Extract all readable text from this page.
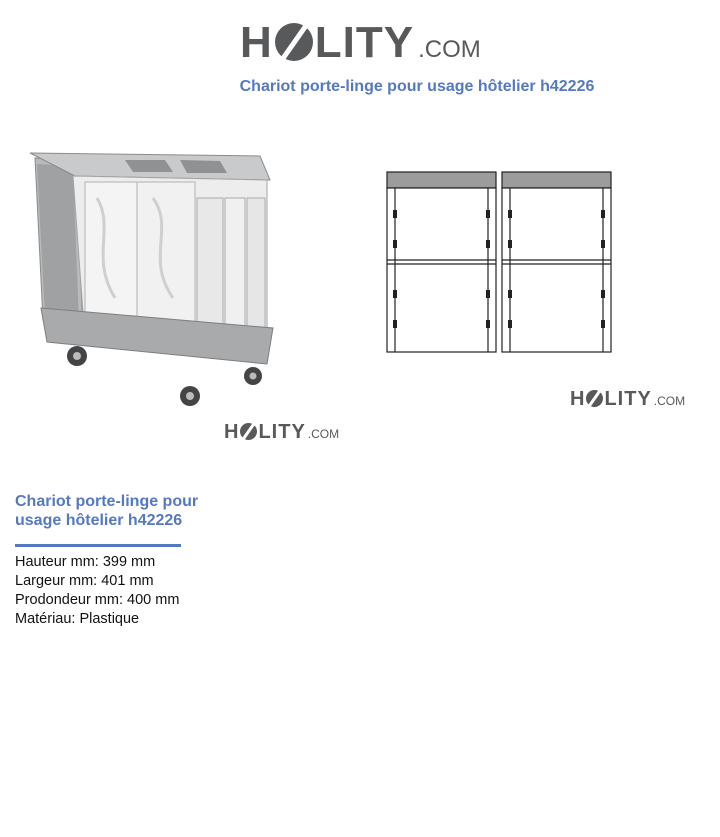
H LITY .COM
Chariot porte-linge pour usage hôtelier h42226
H LITY .COM
H LITY .COM
Chariot porte-linge pour usage hôtelier h42226
Hauteur mm: 399 mm
Largeur mm: 401 mm
Prodondeur mm: 400 mm
Matériau: Plastique
